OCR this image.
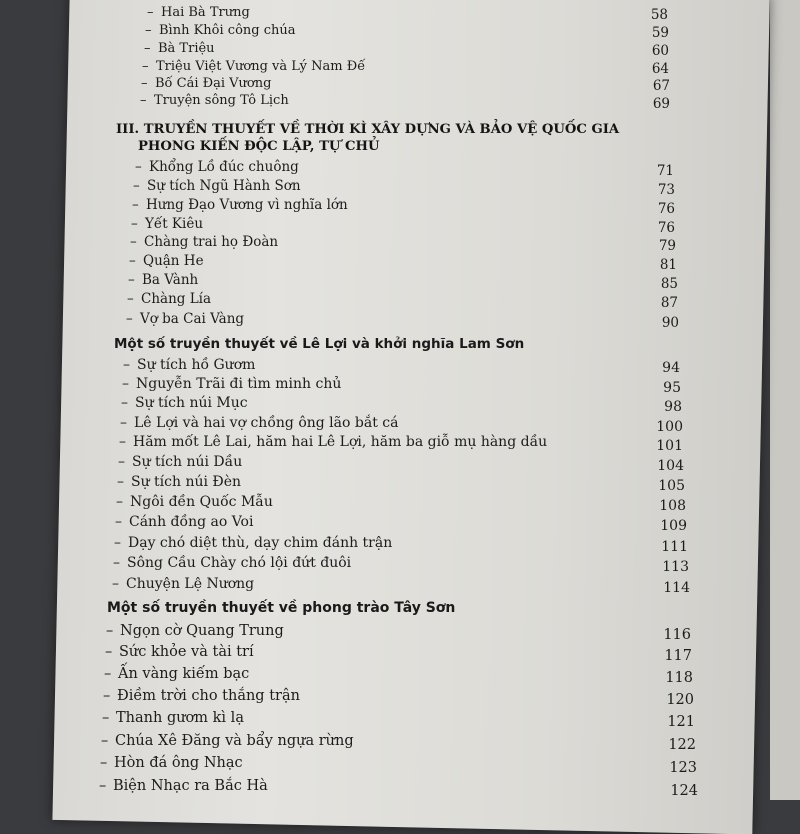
– Hai Bà Trưng	58
– Bình Khôi công chúa	59
– Bà Triệu	60
– Triệu Việt Vương và Lý Nam Đế	64
– Bố Cái Đại Vương	67
– Truyện sông Tô Lịch	69
III. TRUYỀN THUYẾT VỀ THỜI KÌ XÂY DỰNG VÀ BẢO VỆ QUỐC GIA
PHONG KIẾN ĐỘC LẬP, TỰ CHỦ
– Khổng Lồ đúc chuông	71
– Sự tích Ngũ Hành Sơn	73
– Hưng Đạo Vương vì nghĩa lớn	76
– Yết Kiêu	76
– Chàng trai họ Đoàn	79
– Quận He	81
– Ba Vành	85
– Chàng Lía	87
– Vợ ba Cai Vàng	90
Một số truyền thuyết về Lê Lợi và khởi nghĩa Lam Sơn
– Sự tích hồ Gươm	94
– Nguyễn Trãi đi tìm minh chủ	95
– Sự tích núi Mục	98
– Lê Lợi và hai vợ chồng ông lão bắt cá	100
– Hăm mốt Lê Lai, hăm hai Lê Lợi, hăm ba giỗ mụ hàng dầu	101
– Sự tích núi Dầu	104
– Sự tích núi Đèn	105
– Ngôi đền Quốc Mẫu	108
– Cánh đồng ao Voi	109
– Dạy chó diệt thù, dạy chim đánh trận	111
– Sông Cầu Chày chó lội đứt đuôi	113
– Chuyện Lệ Nương	114
Một số truyền thuyết về phong trào Tây Sơn
– Ngọn cờ Quang Trung	116
– Sức khỏe và tài trí	117
– Ấn vàng kiếm bạc	118
– Điềm trời cho thắng trận	120
– Thanh gươm kì lạ	121
– Chúa Xê Đăng và bẩy ngựa rừng	122
– Hòn đá ông Nhạc	123
– Biện Nhạc ra Bắc Hà	124
